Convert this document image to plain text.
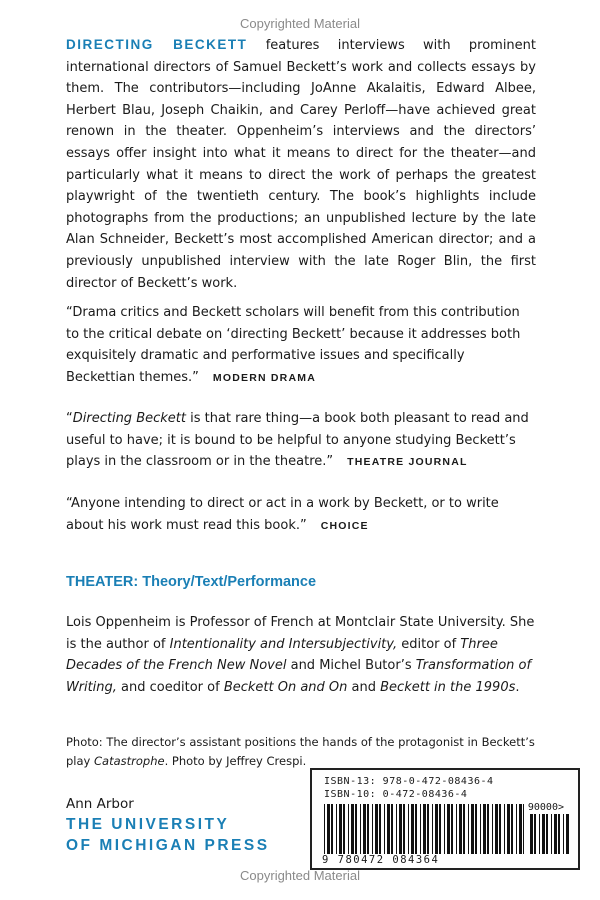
Copyrighted Material
DIRECTING BECKETT features interviews with prominent international directors of Samuel Beckett’s work and collects essays by them. The contributors—including JoAnne Akalaitis, Edward Albee, Herbert Blau, Joseph Chaikin, and Carey Perloff—have achieved great renown in the theater. Oppenheim’s interviews and the directors’ essays offer insight into what it means to direct for the theater—and particularly what it means to direct the work of perhaps the greatest playwright of the twentieth century. The book’s highlights include photographs from the productions; an unpublished lecture by the late Alan Schneider, Beckett’s most accomplished American director; and a previously unpublished interview with the late Roger Blin, the first director of Beckett’s work.
“Drama critics and Beckett scholars will benefit from this contribution to the critical debate on ‘directing Beckett’ because it addresses both exquisitely dramatic and performative issues and specifically Beckettian themes.” MODERN DRAMA
“Directing Beckett is that rare thing—a book both pleasant to read and useful to have; it is bound to be helpful to anyone studying Beckett’s plays in the classroom or in the theatre.” THEATRE JOURNAL
“Anyone intending to direct or act in a work by Beckett, or to write about his work must read this book.” CHOICE
THEATER: Theory/Text/Performance
Lois Oppenheim is Professor of French at Montclair State University. She is the author of Intentionality and Intersubjectivity, editor of Three Decades of the French New Novel and Michel Butor’s Transformation of Writing, and coeditor of Beckett On and On and Beckett in the 1990s.
Photo: The director’s assistant positions the hands of the protagonist in Beckett’s play Catastrophe. Photo by Jeffrey Crespi.
Ann Arbor
THE UNIVERSITY
OF MICHIGAN PRESS
ISBN-13: 978-0-472-08436-4
ISBN-10: 0-472-08436-4
90000>
9 780472 084364
Copyrighted Material
